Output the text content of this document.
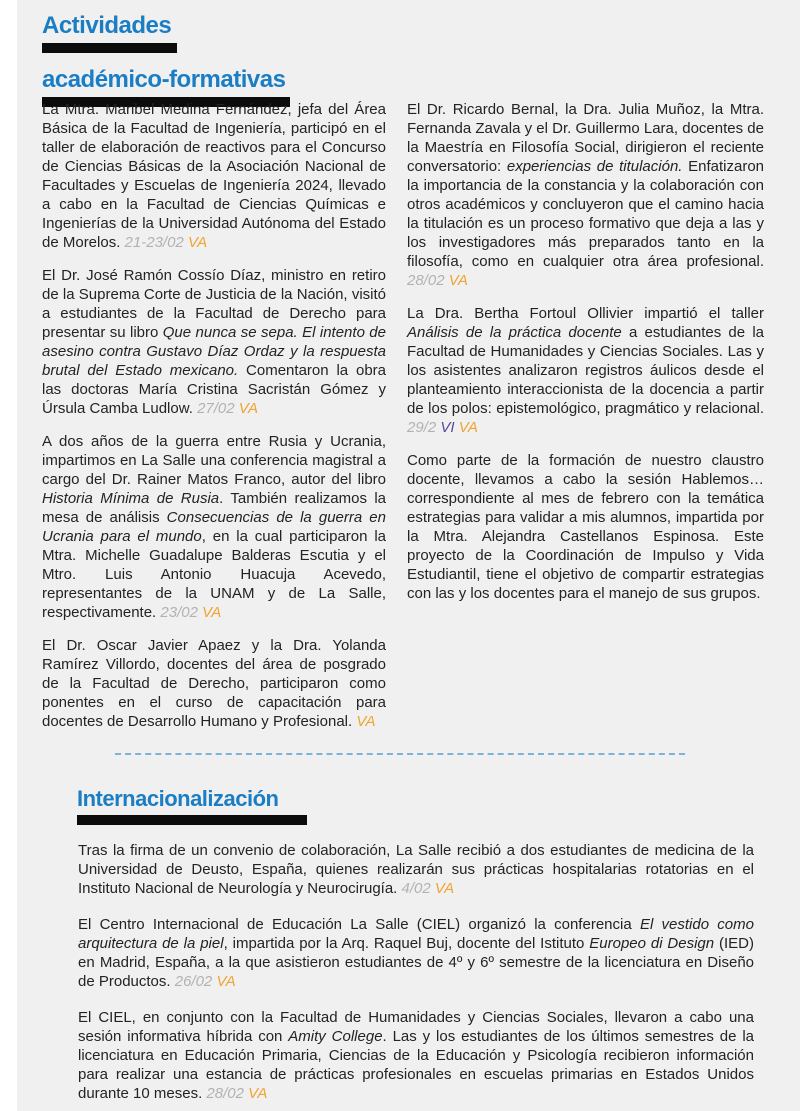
Actividades
académico-formativas

La Mtra. Maribel Medina Fernández, jefa del Área Básica de la Facultad de Ingeniería, participó en el taller de elaboración de reactivos para el Concurso de Ciencias Básicas de la Asociación Nacional de Facultades y Escuelas de Ingeniería 2024, llevado a cabo en la Facultad de Ciencias Químicas e Ingenierías de la Universidad Autónoma del Estado de Morelos. 21-23/02 VA

El Dr. José Ramón Cossío Díaz, ministro en retiro de la Suprema Corte de Justicia de la Nación, visitó a estudiantes de la Facultad de Derecho para presentar su libro Que nunca se sepa. El intento de asesino contra Gustavo Díaz Ordaz y la respuesta brutal del Estado mexicano. Comentaron la obra las doctoras María Cristina Sacristán Gómez y Úrsula Camba Ludlow. 27/02 VA

A dos años de la guerra entre Rusia y Ucrania, impartimos en La Salle una conferencia magistral a cargo del Dr. Rainer Matos Franco, autor del libro Historia Mínima de Rusia. También realizamos la mesa de análisis Consecuencias de la guerra en Ucrania para el mundo, en la cual participaron la Mtra. Michelle Guadalupe Balderas Escutia y el Mtro. Luis Antonio Huacuja Acevedo, representantes de la UNAM y de La Salle, respectivamente. 23/02 VA

El Dr. Oscar Javier Apaez y la Dra. Yolanda Ramírez Villordo, docentes del área de posgrado de la Facultad de Derecho, participaron como ponentes en el curso de capacitación para docentes de Desarrollo Humano y Profesional. VA

El Dr. Ricardo Bernal, la Dra. Julia Muñoz, la Mtra. Fernanda Zavala y el Dr. Guillermo Lara, docentes de la Maestría en Filosofía Social, dirigieron el reciente conversatorio: experiencias de titulación. Enfatizaron la importancia de la constancia y la colaboración con otros académicos y concluyeron que el camino hacia la titulación es un proceso formativo que deja a las y los investigadores más preparados tanto en la filosofía, como en cualquier otra área profesional. 28/02 VA

La Dra. Bertha Fortoul Ollivier impartió el taller Análisis de la práctica docente a estudiantes de la Facultad de Humanidades y Ciencias Sociales. Las y los asistentes analizaron registros áulicos desde el planteamiento interaccionista de la docencia a partir de los polos: epistemológico, pragmático y relacional. 29/2 VI VA

Como parte de la formación de nuestro claustro docente, llevamos a cabo la sesión Hablemos… correspondiente al mes de febrero con la temática estrategias para validar a mis alumnos, impartida por la Mtra. Alejandra Castellanos Espinosa. Este proyecto de la Coordinación de Impulso y Vida Estudiantil, tiene el objetivo de compartir estrategias con las y los docentes para el manejo de sus grupos.

Internacionalización

Tras la firma de un convenio de colaboración, La Salle recibió a dos estudiantes de medicina de la Universidad de Deusto, España, quienes realizarán sus prácticas hospitalarias rotatorias en el Instituto Nacional de Neurología y Neurocirugía. 4/02 VA

El Centro Internacional de Educación La Salle (CIEL) organizó la conferencia El vestido como arquitectura de la piel, impartida por la Arq. Raquel Buj, docente del Istituto Europeo di Design (IED) en Madrid, España, a la que asistieron estudiantes de 4º y 6º semestre de la licenciatura en Diseño de Productos. 26/02 VA

El CIEL, en conjunto con la Facultad de Humanidades y Ciencias Sociales, llevaron a cabo una sesión informativa híbrida con Amity College. Las y los estudiantes de los últimos semestres de la licenciatura en Educación Primaria, Ciencias de la Educación y Psicología recibieron información para realizar una estancia de prácticas profesionales en escuelas primarias en Estados Unidos durante 10 meses. 28/02 VA
